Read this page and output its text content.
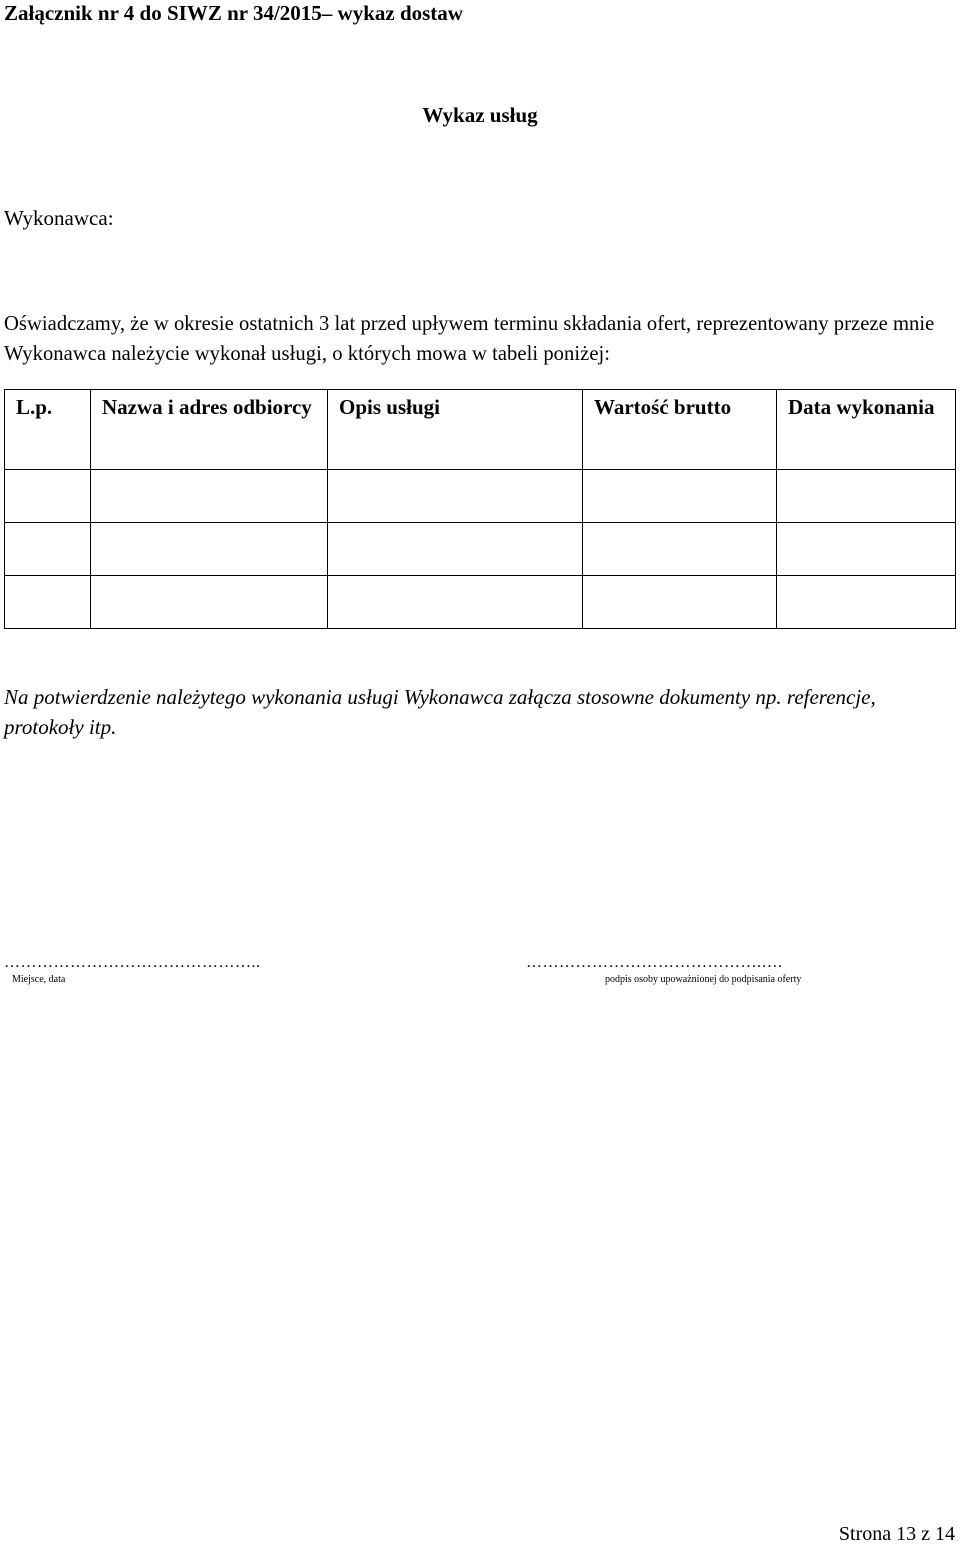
Załącznik nr 4 do SIWZ nr 34/2015– wykaz dostaw
Wykaz usług
Wykonawca:
Oświadczamy, że w okresie ostatnich 3 lat przed upływem terminu składania ofert, reprezentowany przeze mnie Wykonawca należycie wykonał usługi, o których mowa w tabeli poniżej:
L.p.	Nazwa i adres odbiorcy	Opis usługi	Wartość brutto	Data wykonania

Na potwierdzenie należytego wykonania usługi Wykonawca załącza stosowne dokumenty np. referencje, protokoły itp.
………………………………………..
Miejsce, data
…………………………………….….
podpis osoby upoważnionej do podpisania oferty
Strona 13 z 14
